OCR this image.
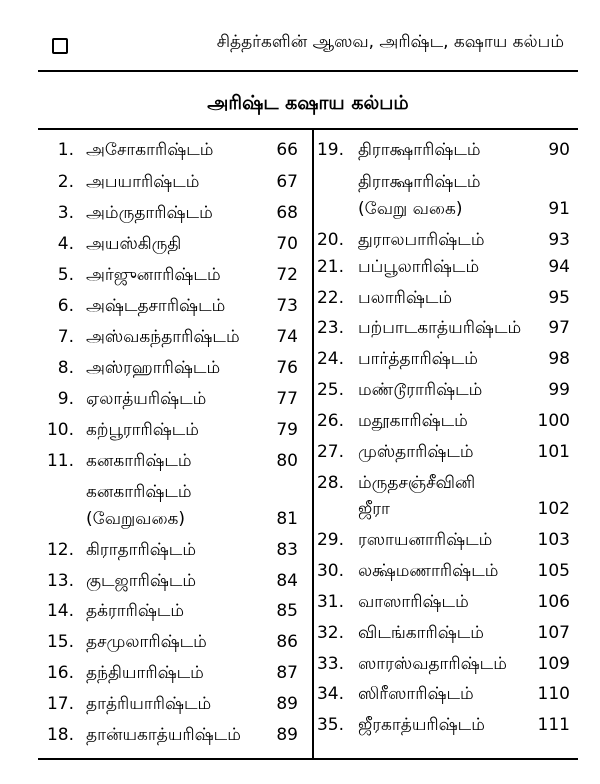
சித்தர்களின் ஆஸவ, அரிஷ்ட, கஷாய கல்பம்
அரிஷ்ட கஷாய கல்பம்
1. அசோகாரிஷ்டம்	66
2. அபயாரிஷ்டம்	67
3. அம்ருதாரிஷ்டம்	68
4. அயஸ்கிருதி	70
5. அர்ஜுனாரிஷ்டம்	72
6. அஷ்டதசாரிஷ்டம்	73
7. அஸ்வகந்தாரிஷ்டம்	74
8. அஸ்ரஹாரிஷ்டம்	76
9. ஏலாத்யரிஷ்டம்	77
10. கற்பூராரிஷ்டம்	79
11. கனகாரிஷ்டம்	80
கனகாரிஷ்டம்
(வேறுவகை)	81
12. கிராதாரிஷ்டம்	83
13. குடஜாரிஷ்டம்	84
14. தக்ராரிஷ்டம்	85
15. தசமுலாரிஷ்டம்	86
16. தந்தியாரிஷ்டம்	87
17. தாத்ரியாரிஷ்டம்	89
18. தான்யகாத்யரிஷ்டம்	89
19. திராக்ஷாரிஷ்டம்	90
திராக்ஷாரிஷ்டம்
(வேறு வகை)	91
20. துராலபாரிஷ்டம்	93
21. பப்பூலாரிஷ்டம்	94
22. பலாரிஷ்டம்	95
23. பற்பாடகாத்யரிஷ்டம்	97
24. பார்த்தாரிஷ்டம்	98
25. மண்டூராரிஷ்டம்	99
26. மதூகாரிஷ்டம்	100
27. முஸ்தாரிஷ்டம்	101
28. ம்ருதசஞ்சீவினி
ஜீரா	102
29. ரஸாயனாரிஷ்டம்	103
30. லக்ஷ்மணாரிஷ்டம்	105
31. வாஸாரிஷ்டம்	106
32. விடங்காரிஷ்டம்	107
33. ஸாரஸ்வதாரிஷ்டம்	109
34. ஸிரீஸாரிஷ்டம்	110
35. ஜீரகாத்யரிஷ்டம்	111
